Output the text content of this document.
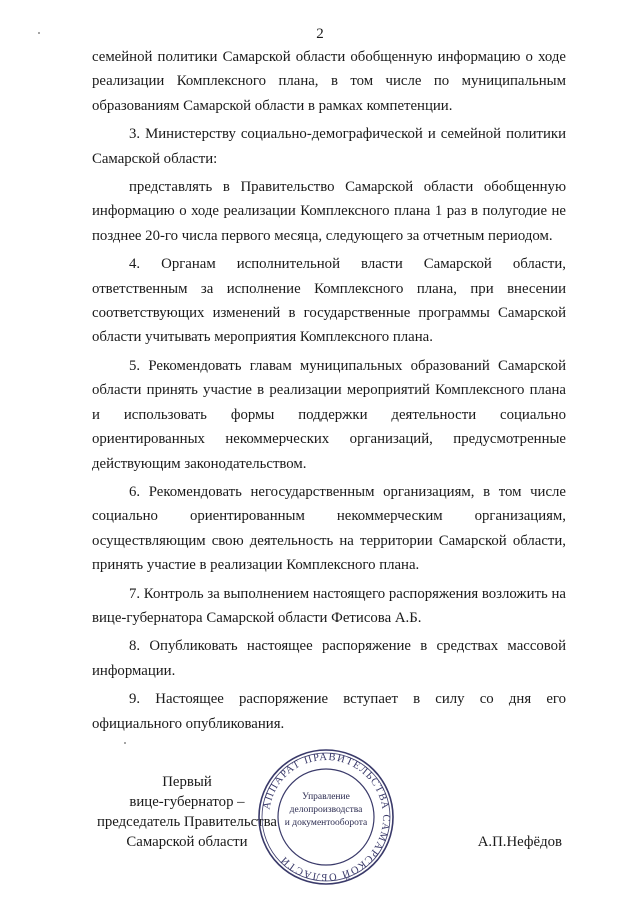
2

семейной политики Самарской области обобщенную информацию о ходе реализации Комплексного плана, в том числе по муниципальным образованиям Самарской области в рамках компетенции.

3. Министерству социально-демографической и семейной политики Самарской области:

представлять в Правительство Самарской области обобщенную информацию о ходе реализации Комплексного плана 1 раз в полугодие не позднее 20-го числа первого месяца, следующего за отчетным периодом.

4. Органам исполнительной власти Самарской области, ответственным за исполнение Комплексного плана, при внесении соответствующих изменений в государственные программы Самарской области учитывать мероприятия Комплексного плана.

5. Рекомендовать главам муниципальных образований Самарской области принять участие в реализации мероприятий Комплексного плана и использовать формы поддержки деятельности социально ориентированных некоммерческих организаций, предусмотренные действующим законодательством.

6. Рекомендовать негосударственным организациям, в том числе социально ориентированным некоммерческим организациям, осуществляющим свою деятельность на территории Самарской области, принять участие в реализации Комплексного плана.

7. Контроль за выполнением настоящего распоряжения возложить на вице-губернатора Самарской области Фетисова А.Б.

8. Опубликовать настоящее распоряжение в средствах массовой информации.

9. Настоящее распоряжение вступает в силу со дня его официального опубликования.

Первый
вице-губернатор –
председатель Правительства
Самарской области
АППАРАТ ПРАВИТЕЛЬСТВА САМАРСКОЙ ОБЛАСТИ
Управление
делопроизводства
и документооборота
А.П.Нефёдов
